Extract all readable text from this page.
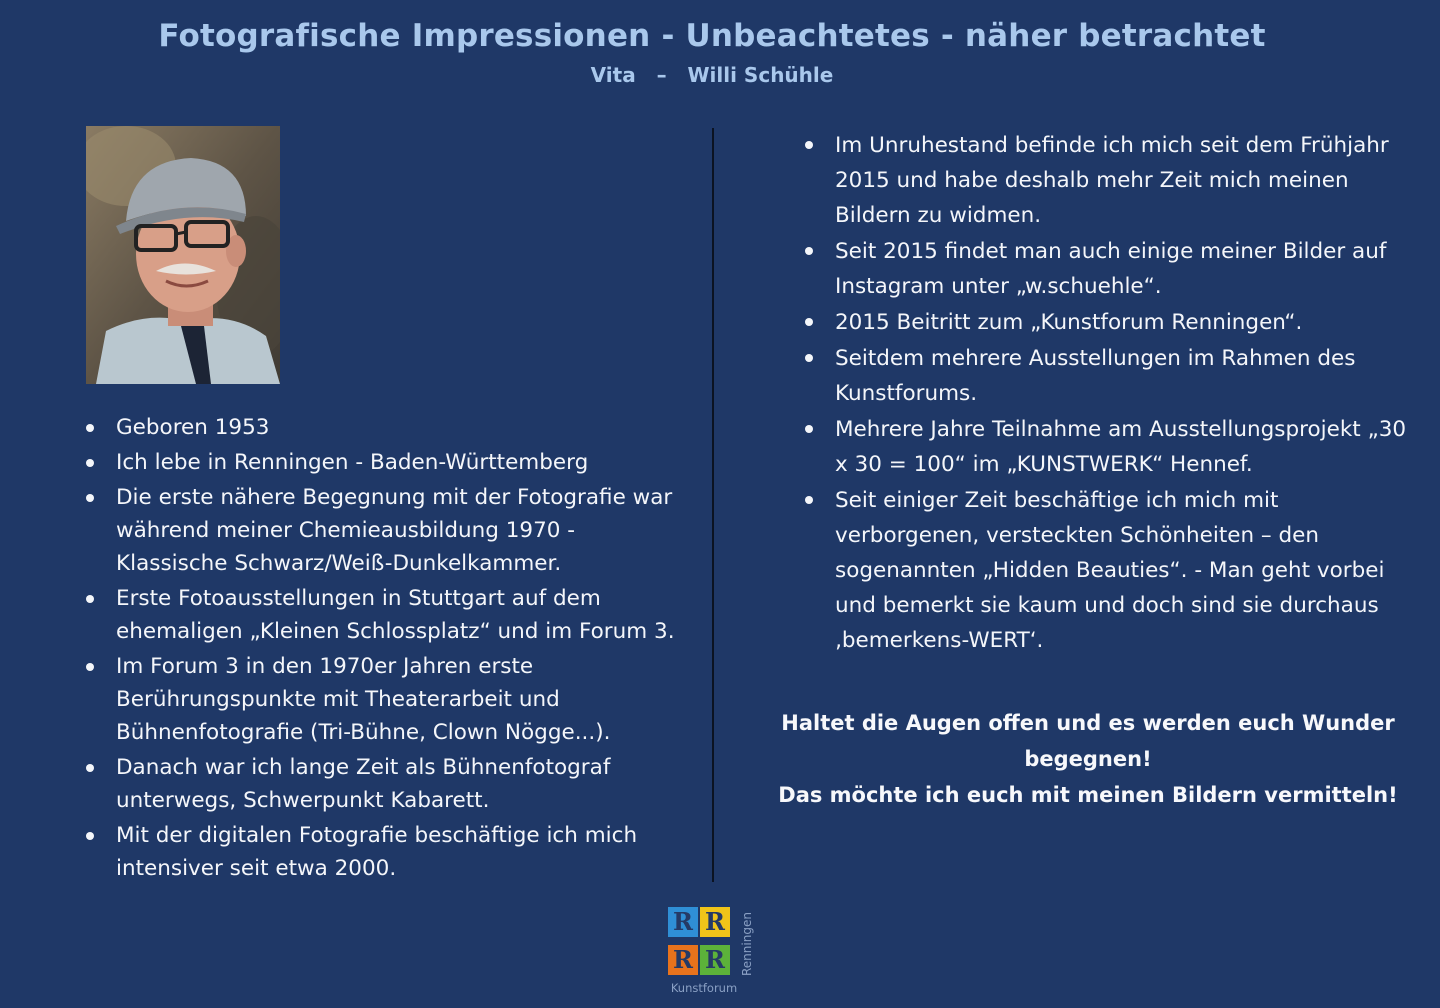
Fotografische Impressionen - Unbeachtetes - näher betrachtet
Vita   –   Willi Schühle
Geboren 1953
Ich lebe in Renningen - Baden-Württemberg
Die erste nähere Begegnung mit der Fotografie war während meiner Chemieausbildung 1970 - Klassische Schwarz/Weiß-Dunkelkammer.
Erste Fotoausstellungen in Stuttgart auf dem ehemaligen „Kleinen Schlossplatz“ und im Forum 3.
Im Forum 3 in den 1970er Jahren erste Berührungspunkte mit Theaterarbeit und Bühnenfotografie (Tri-Bühne, Clown Nögge...).
Danach war ich lange Zeit als Bühnenfotograf unterwegs, Schwerpunkt Kabarett.
Mit der digitalen Fotografie beschäftige ich mich intensiver seit etwa 2000.
Im Unruhestand befinde ich mich seit dem Frühjahr 2015 und habe deshalb mehr Zeit mich meinen Bildern zu widmen.
Seit 2015 findet man auch einige meiner Bilder auf Instagram unter „w.schuehle“.
2015 Beitritt zum „Kunstforum Renningen“.
Seitdem mehrere Ausstellungen im Rahmen des Kunstforums.
Mehrere Jahre Teilnahme am Ausstellungsprojekt „30 x 30 = 100“ im „KUNSTWERK“ Hennef.
Seit einiger Zeit beschäftige ich mich mit verborgenen, versteckten Schönheiten – den sogenannten „Hidden Beauties“. - Man geht vorbei und bemerkt sie kaum und doch sind sie durchaus ‚bemerkens-WERT‘.
Haltet die Augen offen und es werden euch Wunder begegnen!
Das möchte ich euch mit meinen Bildern vermitteln!
R R
R R	Renningen
Kunstforum
